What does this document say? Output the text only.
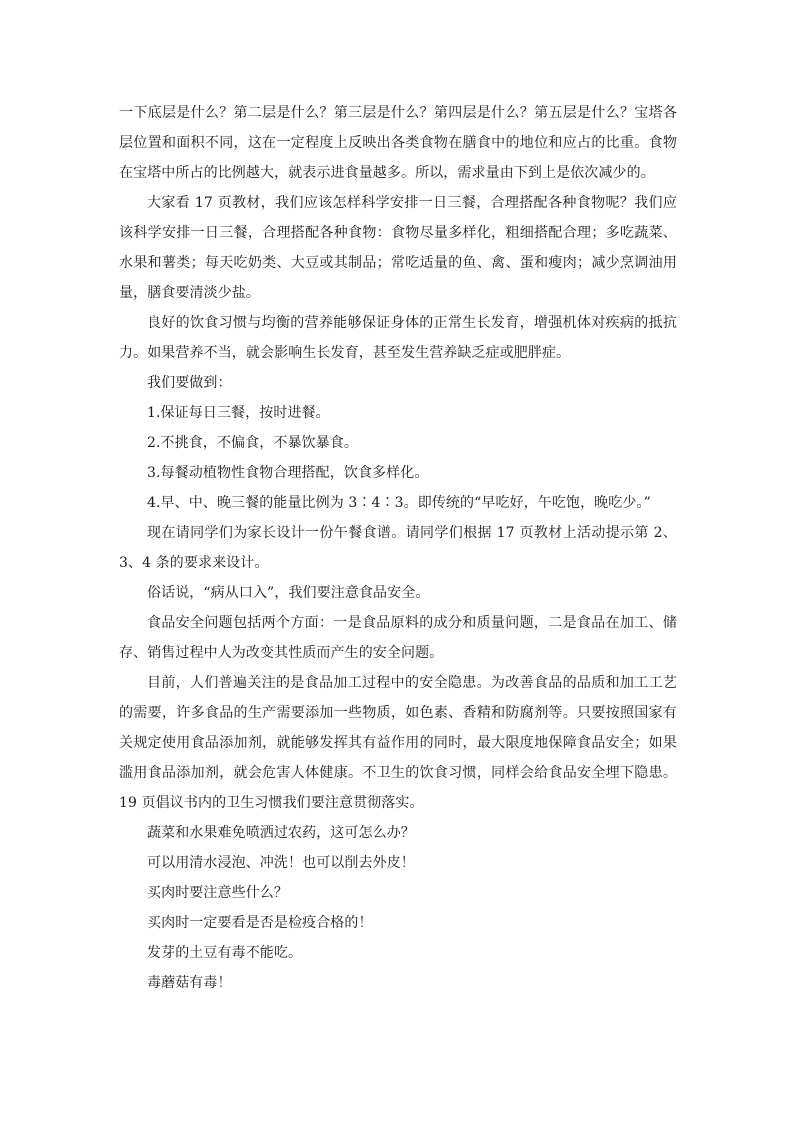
一下底层是什么？第二层是什么？第三层是什么？第四层是什么？第五层是什么？宝塔各层位置和面积不同，这在一定程度上反映出各类食物在膳食中的地位和应占的比重。食物在宝塔中所占的比例越大，就表示进食量越多。所以，需求量由下到上是依次减少的。

大家看 17 页教材，我们应该怎样科学安排一日三餐，合理搭配各种食物呢？我们应该科学安排一日三餐，合理搭配各种食物：食物尽量多样化，粗细搭配合理；多吃蔬菜、水果和薯类；每天吃奶类、大豆或其制品；常吃适量的鱼、禽、蛋和瘦肉；减少烹调油用量，膳食要清淡少盐。

良好的饮食习惯与均衡的营养能够保证身体的正常生长发育，增强机体对疾病的抵抗力。如果营养不当，就会影响生长发育，甚至发生营养缺乏症或肥胖症。

我们要做到：

1.保证每日三餐，按时进餐。

2.不挑食，不偏食，不暴饮暴食。

3.每餐动植物性食物合理搭配，饮食多样化。

4.早、中、晚三餐的能量比例为 3∶4∶3。即传统的“早吃好，午吃饱，晚吃少。”

现在请同学们为家长设计一份午餐食谱。请同学们根据 17 页教材上活动提示第 2、3、4 条的要求来设计。

俗话说，“病从口入”，我们要注意食品安全。

食品安全问题包括两个方面：一是食品原料的成分和质量问题，二是食品在加工、储存、销售过程中人为改变其性质而产生的安全问题。

目前，人们普遍关注的是食品加工过程中的安全隐患。为改善食品的品质和加工工艺的需要，许多食品的生产需要添加一些物质，如色素、香精和防腐剂等。只要按照国家有关规定使用食品添加剂，就能够发挥其有益作用的同时，最大限度地保障食品安全；如果滥用食品添加剂，就会危害人体健康。不卫生的饮食习惯，同样会给食品安全埋下隐患。19 页倡议书内的卫生习惯我们要注意贯彻落实。

蔬菜和水果难免喷洒过农药，这可怎么办？

可以用清水浸泡、冲洗！也可以削去外皮！

买肉时要注意些什么？

买肉时一定要看是否是检疫合格的！

发芽的土豆有毒不能吃。

毒蘑菇有毒！
